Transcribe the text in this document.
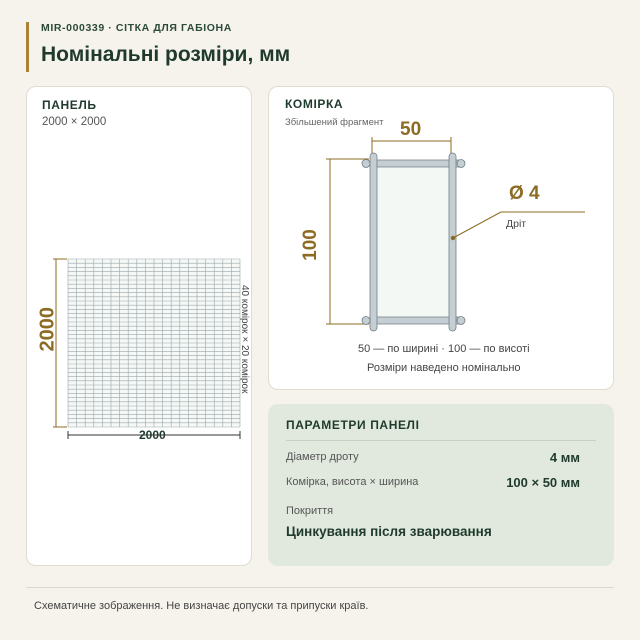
MIR-000339 · СІТКА ДЛЯ ГАБІОНА
Номінальні розміри, мм
ПАНЕЛЬ
2000 × 2000
2000
2000
40 комірок × 20 комірок
КОМІРКА
Збільшений фрагмент 50
100
Ø 4
Дріт
50 — по ширині · 100 — по висоті
Розміри наведено номінально
ПАРАМЕТРИ ПАНЕЛІ
Діаметр дроту	4 мм
Комірка, висота × ширина	100 × 50 мм
Покриття
Цинкування після зварювання
Схематичне зображення. Не визначає допуски та припуски країв.
